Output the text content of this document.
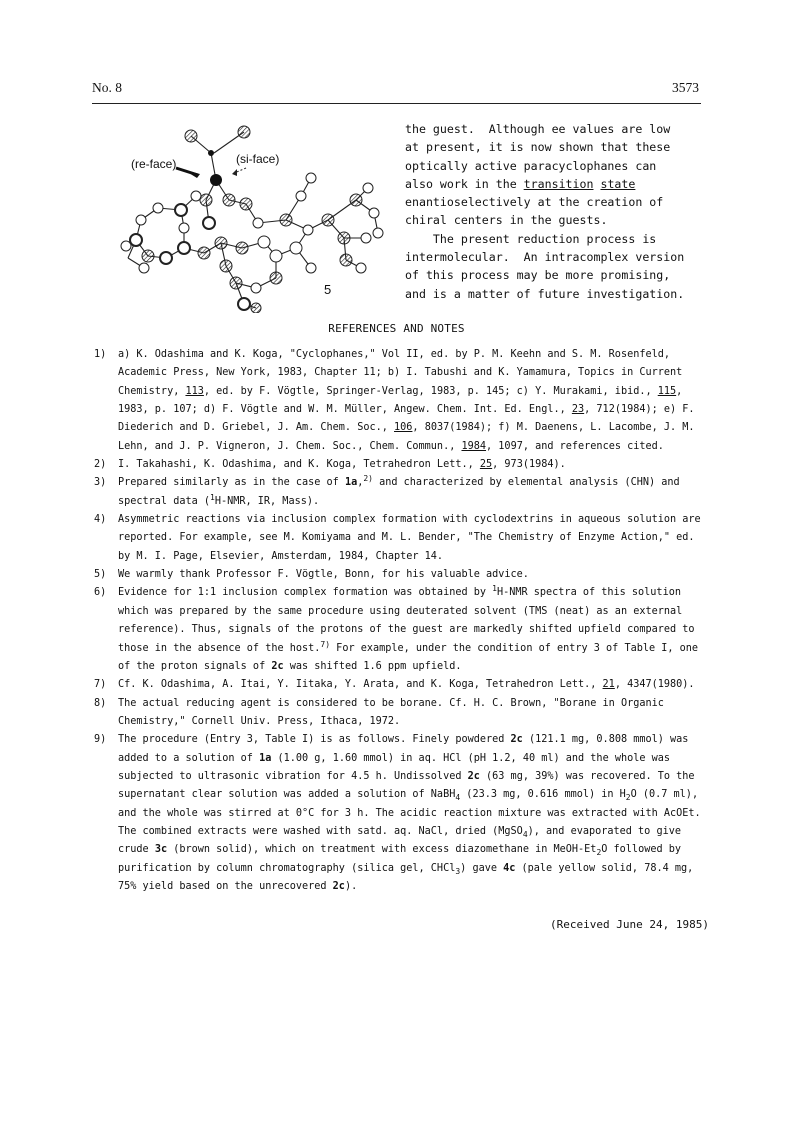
No. 8	3573
(re-face)	(si-face)
5
the guest.  Although ee values are low
at present, it is now shown that these
optically active paracyclophanes can
also work in the transition state
enantioselectively at the creation of
chiral centers in the guests.
The present reduction process is
intermolecular.  An intracomplex version
of this process may be more promising,
and is a matter of future investigation.
REFERENCES AND NOTES
1) a) K. Odashima and K. Koga, "Cyclophanes," Vol II, ed. by P. M. Keehn and S. M. Rosenfeld,
Academic Press, New York, 1983, Chapter 11; b) I. Tabushi and K. Yamamura, Topics in Current
Chemistry, 113, ed. by F. Vögtle, Springer-Verlag, 1983, p. 145; c) Y. Murakami, ibid., 115,
1983, p. 107; d) F. Vögtle and W. M. Müller, Angew. Chem. Int. Ed. Engl., 23, 712(1984); e) F.
Diederich and D. Griebel, J. Am. Chem. Soc., 106, 8037(1984); f) M. Daenens, L. Lacombe, J. M.
Lehn, and J. P. Vigneron, J. Chem. Soc., Chem. Commun., 1984, 1097, and references cited.
2) I. Takahashi, K. Odashima, and K. Koga, Tetrahedron Lett., 25, 973(1984).
3) Prepared similarly as in the case of 1a,$^{2)}$ and characterized by elemental analysis (CHN) and
spectral data ($^1$H-NMR, IR, Mass).
4) Asymmetric reactions via inclusion complex formation with cyclodextrins in aqueous solution are
reported. For example, see M. Komiyama and M. L. Bender, "The Chemistry of Enzyme Action," ed.
by M. I. Page, Elsevier, Amsterdam, 1984, Chapter 14.
5) We warmly thank Professor F. Vögtle, Bonn, for his valuable advice.
6) Evidence for 1:1 inclusion complex formation was obtained by $^1$H-NMR spectra of this solution
which was prepared by the same procedure using deuterated solvent (TMS (neat) as an external
reference). Thus, signals of the protons of the guest are markedly shifted upfield compared to
those in the absence of the host.$^{7)}$ For example, under the condition of entry 3 of Table I, one
of the proton signals of 2c was shifted 1.6 ppm upfield.
7) Cf. K. Odashima, A. Itai, Y. Iitaka, Y. Arata, and K. Koga, Tetrahedron Lett., 21, 4347(1980).
8) The actual reducing agent is considered to be borane. Cf. H. C. Brown, "Borane in Organic
Chemistry," Cornell Univ. Press, Ithaca, 1972.
9) The procedure (Entry 3, Table I) is as follows. Finely powdered 2c (121.1 mg, 0.808 mmol) was
added to a solution of 1a (1.00 g, 1.60 mmol) in aq. HCl (pH 1.2, 40 ml) and the whole was
subjected to ultrasonic vibration for 4.5 h. Undissolved 2c (63 mg, 39%) was recovered. To the
supernatant clear solution was added a solution of NaBH$_4$ (23.3 mg, 0.616 mmol) in $H_2O$ (0.7 ml),
and the whole was stirred at 0°C for 3 h. The acidic reaction mixture was extracted with AcOEt.
The combined extracts were washed with satd. aq. NaCl, dried (MgSO$_4$), and evaporated to give
crude 3c (brown solid), which on treatment with excess diazomethane in MeOH-$Et_2O$ followed by
purification by column chromatography (silica gel, CHCl$_3$) gave 4c (pale yellow solid, 78.4 mg,
75% yield based on the unrecovered 2c).
(Received June 24, 1985)
